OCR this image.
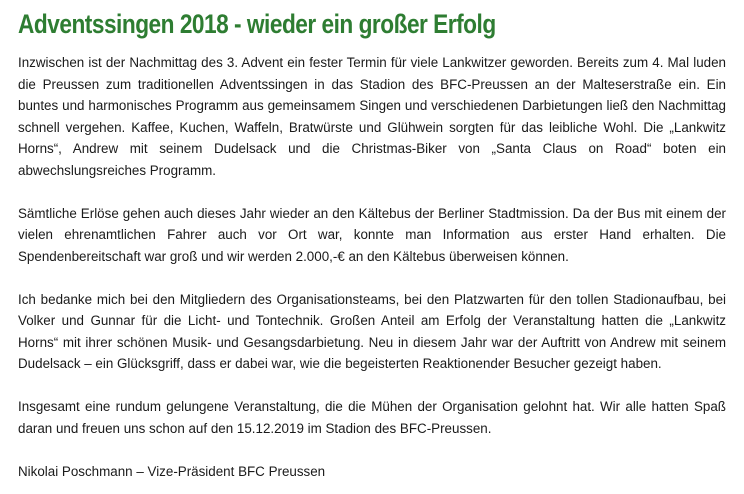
Adventssingen 2018 - wieder ein großer Erfolg

Inzwischen ist der Nachmittag des 3. Advent ein fester Termin für viele Lankwitzer geworden. Bereits zum 4. Mal luden die Preussen zum traditionellen Adventssingen in das Stadion des BFC-Preussen an der Malteserstraße ein. Ein buntes und harmonisches Programm aus gemeinsamem Singen und verschiedenen Darbietungen ließ den Nachmittag schnell vergehen. Kaffee, Kuchen, Waffeln, Bratwürste und Glühwein sorgten für das leibliche Wohl. Die „Lankwitz Horns“, Andrew mit seinem Dudelsack und die Christmas-Biker von „Santa Claus on Road“ boten ein abwechslungsreiches Programm.

Sämtliche Erlöse gehen auch dieses Jahr wieder an den Kältebus der Berliner Stadtmission. Da der Bus mit einem der vielen ehrenamtlichen Fahrer auch vor Ort war, konnte man Information aus erster Hand erhalten. Die Spendenbereitschaft war groß und wir werden 2.000,-€ an den Kältebus überweisen können.

Ich bedanke mich bei den Mitgliedern des Organisationsteams, bei den Platzwarten für den tollen Stadionaufbau, bei Volker und Gunnar für die Licht- und Tontechnik. Großen Anteil am Erfolg der Veranstaltung hatten die „Lankwitz Horns“ mit ihrer schönen Musik- und Gesangsdarbietung. Neu in diesem Jahr war der Auftritt von Andrew mit seinem Dudelsack – ein Glücksgriff, dass er dabei war, wie die begeisterten Reaktionender Besucher gezeigt haben.

Insgesamt eine rundum gelungene Veranstaltung, die die Mühen der Organisation gelohnt hat. Wir alle hatten Spaß daran und freuen uns schon auf den 15.12.2019 im Stadion des BFC-Preussen.

Nikolai Poschmann – Vize-Präsident BFC Preussen
